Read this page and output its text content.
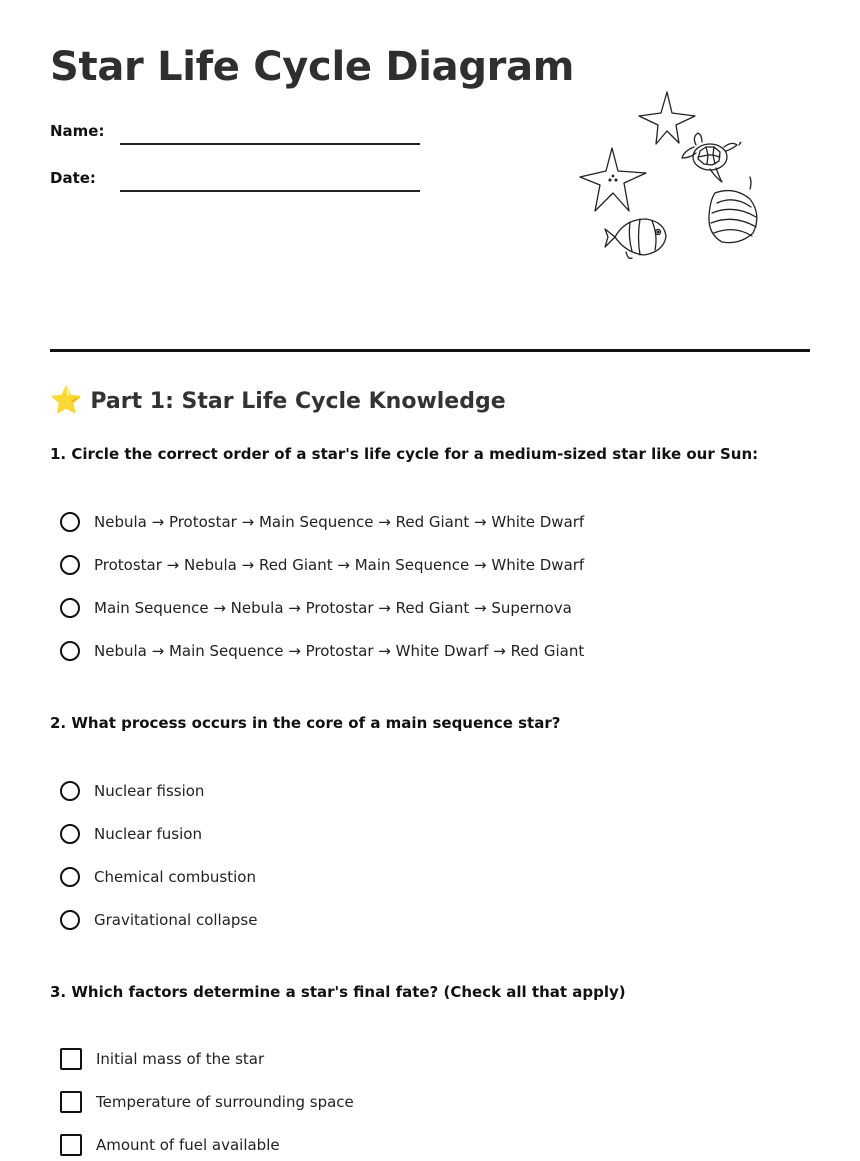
Star Life Cycle Diagram
Name:
Date:
⭐ Part 1: Star Life Cycle Knowledge
1. Circle the correct order of a star's life cycle for a medium-sized star like our Sun:
Nebula → Protostar → Main Sequence → Red Giant → White Dwarf
Protostar → Nebula → Red Giant → Main Sequence → White Dwarf
Main Sequence → Nebula → Protostar → Red Giant → Supernova
Nebula → Main Sequence → Protostar → White Dwarf → Red Giant
2. What process occurs in the core of a main sequence star?
Nuclear fission
Nuclear fusion
Chemical combustion
Gravitational collapse
3. Which factors determine a star's final fate? (Check all that apply)
Initial mass of the star
Temperature of surrounding space
Amount of fuel available
